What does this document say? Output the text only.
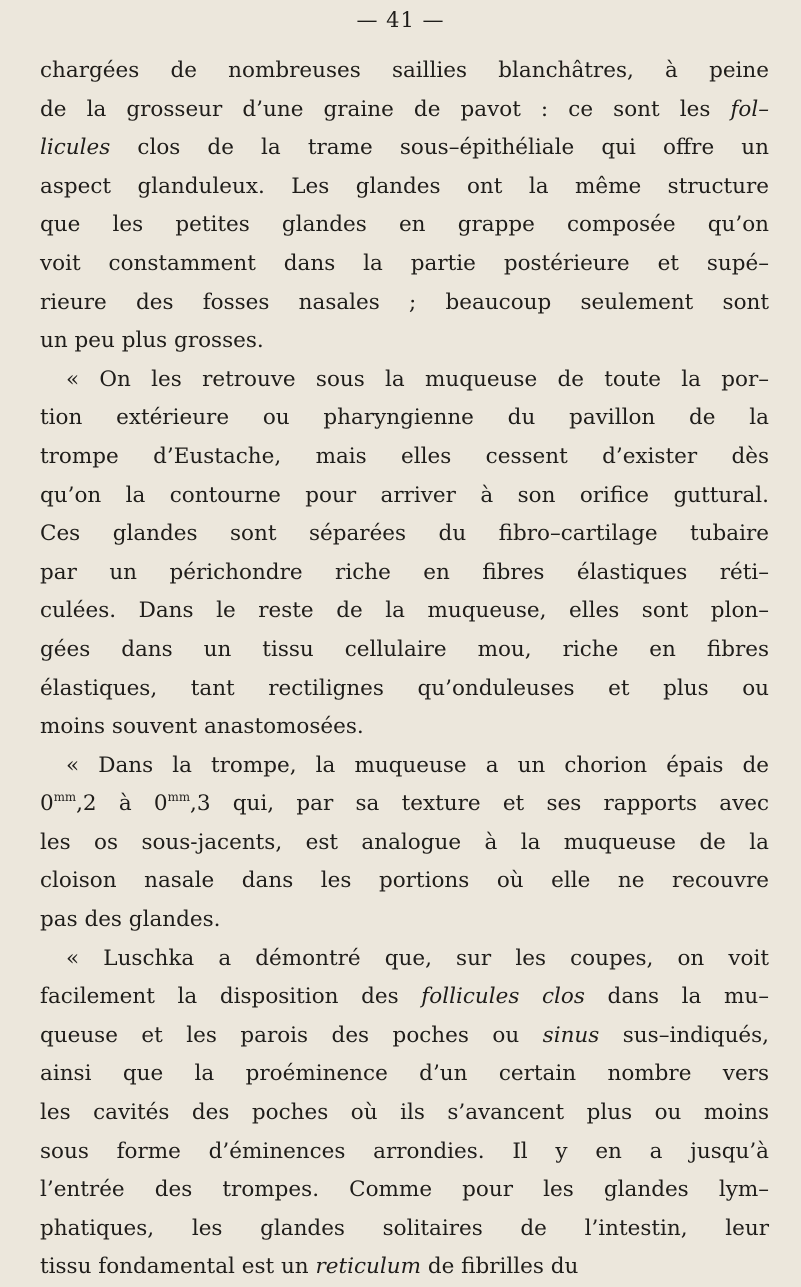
— 41 —
chargées de nombreuses saillies blanchâtres, à peine
de la grosseur d’une graine de pavot : ce sont les fol–
licules clos de la trame sous–épithéliale qui offre un
aspect glanduleux. Les glandes ont la même structure
que les petites glandes en grappe composée qu’on
voit constamment dans la partie postérieure et supé–
rieure des fosses nasales ; beaucoup seulement sont
un peu plus grosses.
« On les retrouve sous la muqueuse de toute la por–
tion extérieure ou pharyngienne du pavillon de la
trompe d’Eustache, mais elles cessent d’exister dès
qu’on la contourne pour arriver à son orifice guttural.
Ces glandes sont séparées du fibro–cartilage tubaire
par un périchondre riche en fibres élastiques réti–
culées. Dans le reste de la muqueuse, elles sont plon–
gées dans un tissu cellulaire mou, riche en fibres
élastiques, tant rectilignes qu’onduleuses et plus ou
moins souvent anastomosées.
« Dans la trompe, la muqueuse a un chorion épais de
$0^{mm},2$ à $0^{mm},3$ qui, par sa texture et ses rapports avec
les os sous-jacents, est analogue à la muqueuse de la
cloison nasale dans les portions où elle ne recouvre
pas des glandes.
« Luschka a démontré que, sur les coupes, on voit
facilement la disposition des follicules clos dans la mu–
queuse et les parois des poches ou sinus sus–indiqués,
ainsi que la proéminence d’un certain nombre vers
les cavités des poches où ils s’avancent plus ou moins
sous forme d’éminences arrondies. Il y en a jusqu’à
l’entrée des trompes. Comme pour les glandes lym–
phatiques, les glandes solitaires de l’intestin, leur
tissu fondamental est un reticulum de fibrilles du
